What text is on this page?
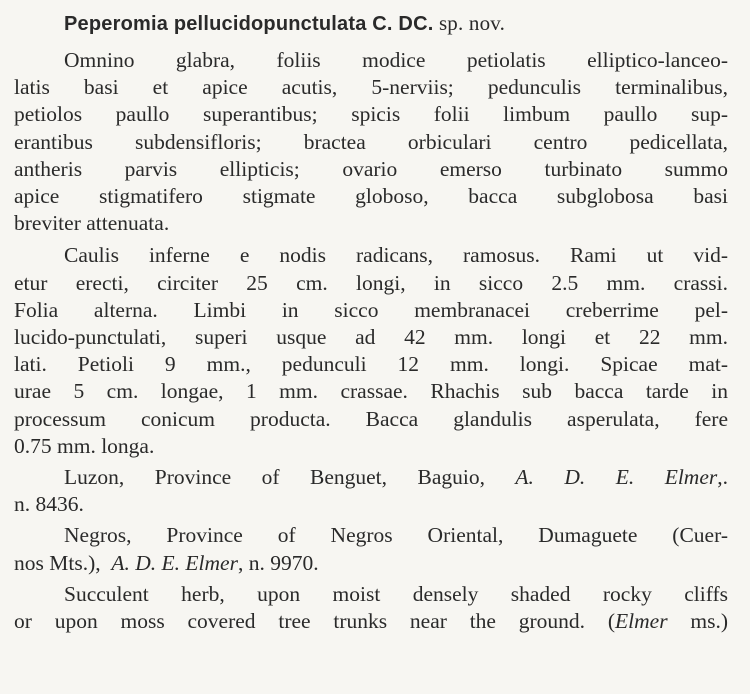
Peperomia pellucidopunctulata C. DC. sp. nov.

Omnino glabra, foliis modice petiolatis elliptico-lanceo-
latis basi et apice acutis, 5-nerviis; pedunculis terminalibus,
petiolos paullo superantibus; spicis folii limbum paullo sup-
erantibus subdensifloris; bractea orbiculari centro pedicellata,
antheris parvis ellipticis; ovario emerso turbinato summo
apice stigmatifero stigmate globoso, bacca subglobosa basi
breviter attenuata.
Caulis inferne e nodis radicans, ramosus. Rami ut vid-
etur erecti, circiter 25 cm. longi, in sicco 2.5 mm. crassi.
Folia alterna. Limbi in sicco membranacei creberrime pel-
lucido-punctulati, superi usque ad 42 mm. longi et 22 mm.
lati. Petioli 9 mm., pedunculi 12 mm. longi. Spicae mat-
urae 5 cm. longae, 1 mm. crassae. Rhachis sub bacca tarde in
processum conicum producta. Bacca glandulis asperulata, fere
0.75 mm. longa.
Luzon, Province of Benguet, Baguio, A. D. E. Elmer,.
n. 8436.
Negros, Province of Negros Oriental, Dumaguete (Cuer-
nos Mts.), A. D. E. Elmer, n. 9970.
Succulent herb, upon moist densely shaded rocky cliffs
or upon moss covered tree trunks near the ground. (Elmer ms.)
